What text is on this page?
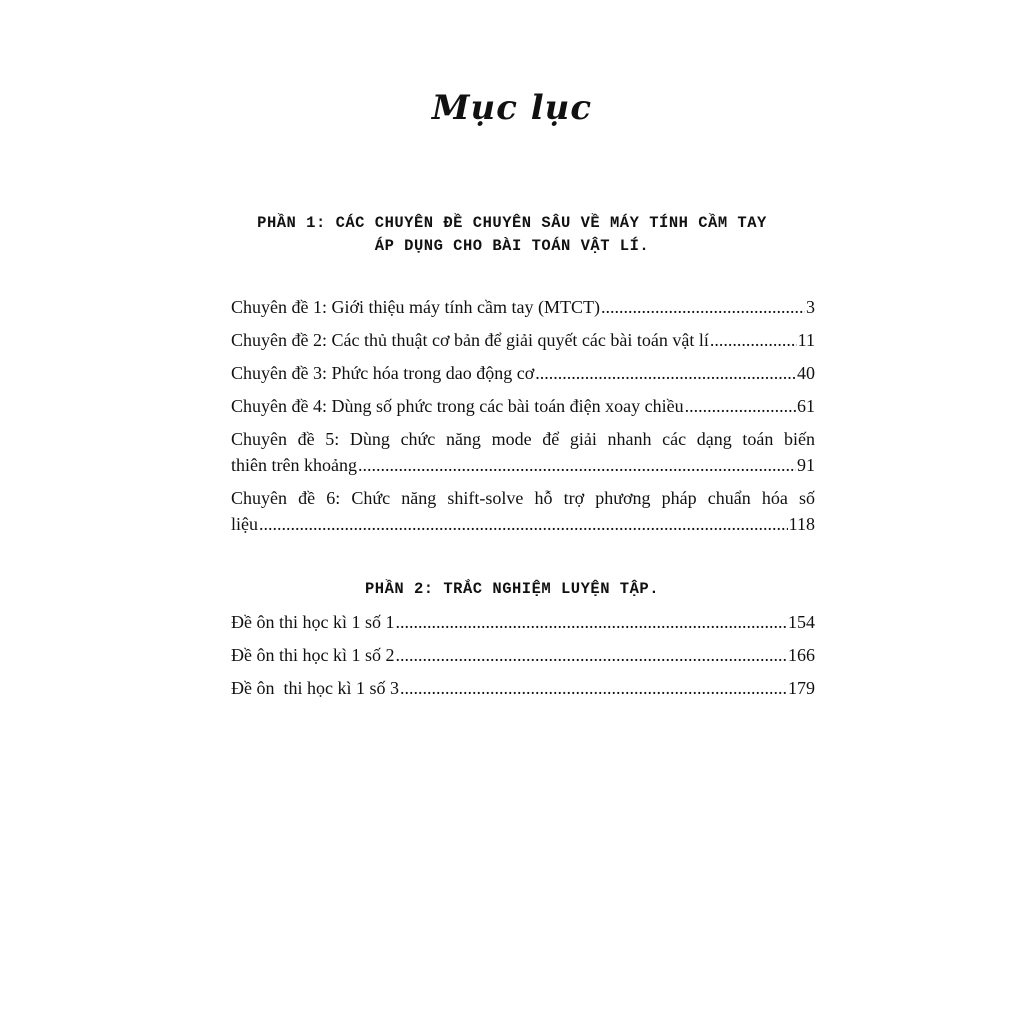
Mục lục
PHẦN 1: CÁC CHUYÊN ĐỀ CHUYÊN SÂU VỀ MÁY TÍNH CẦM TAY
ÁP DỤNG CHO BÀI TOÁN VẬT LÍ.
Chuyên đề 1: Giới thiệu máy tính cầm tay (MTCT) .....	3
Chuyên đề 2: Các thủ thuật cơ bản để giải quyết các bài toán vật lí .....	11
Chuyên đề 3: Phức hóa trong dao động cơ .....	40
Chuyên đề 4: Dùng số phức trong các bài toán điện xoay chiều .....	61
Chuyên đề 5: Dùng chức năng mode để giải nhanh các dạng toán biến
thiên trên khoảng .....	91
Chuyên đề 6: Chức năng shift-solve hỗ trợ phương pháp chuẩn hóa số
liệu .....	118
PHẦN 2: TRẮC NGHIỆM LUYỆN TẬP.
Đề ôn thi học kì 1 số 1 .....	154
Đề ôn thi học kì 1 số 2 .....	166
Đề ôn  thi học kì 1 số 3 .....	179
